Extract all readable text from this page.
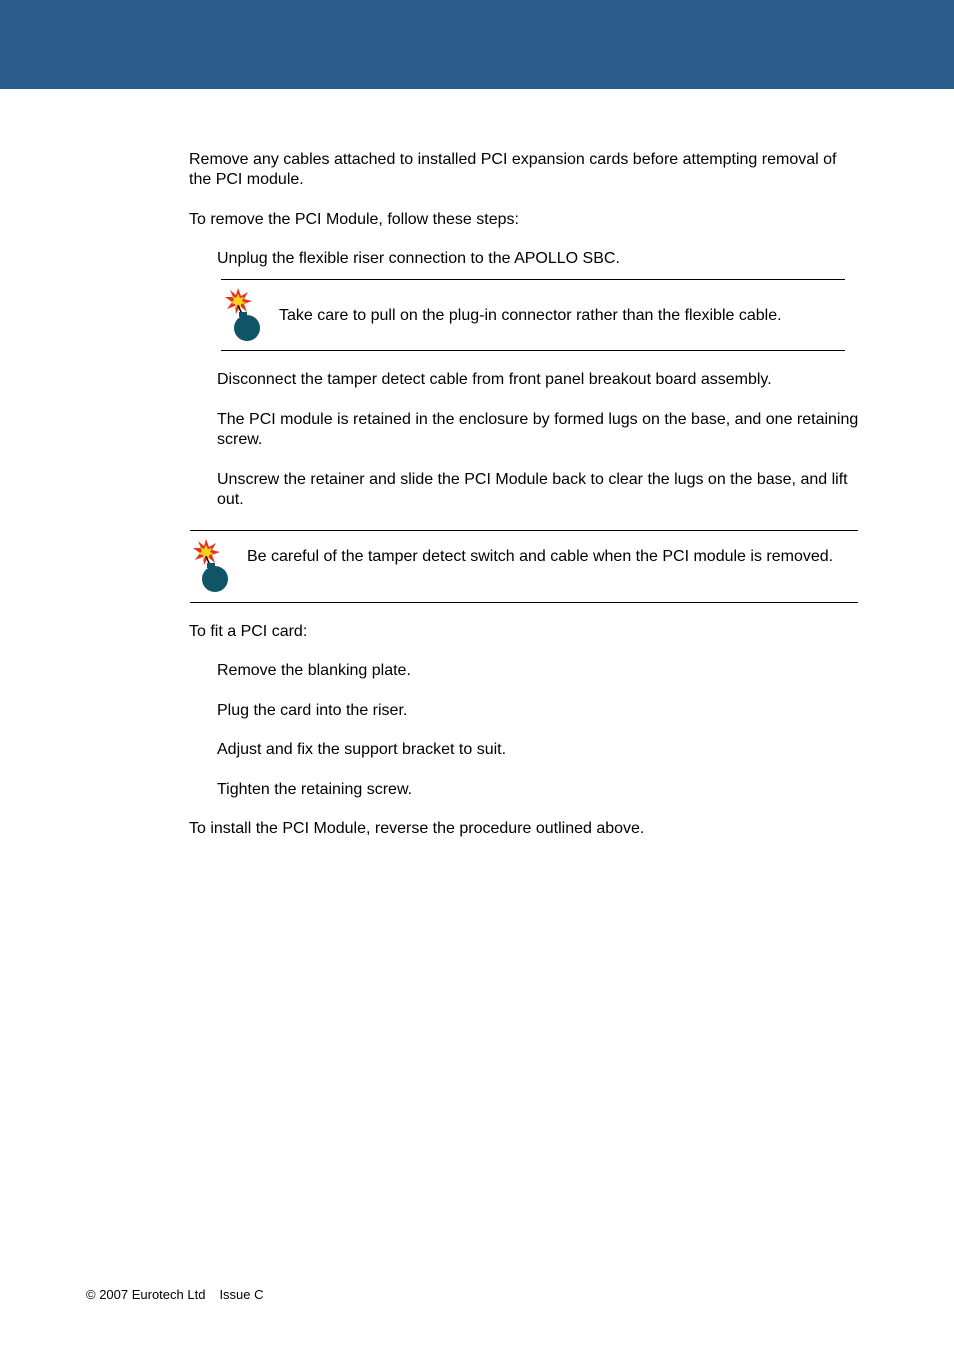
Remove any cables attached to installed PCI expansion cards before attempting removal of the PCI module.

To remove the PCI Module, follow these steps:

Unplug the flexible riser connection to the APOLLO SBC.

Take care to pull on the plug-in connector rather than the flexible cable.

Disconnect the tamper detect cable from front panel breakout board assembly.

The PCI module is retained in the enclosure by formed lugs on the base, and one retaining screw.

Unscrew the retainer and slide the PCI Module back to clear the lugs on the base, and lift out.

Be careful of the tamper detect switch and cable when the PCI module is removed.

To fit a PCI card:

Remove the blanking plate.

Plug the card into the riser.

Adjust and fix the support bracket to suit.

Tighten the retaining screw.

To install the PCI Module, reverse the procedure outlined above.

© 2007 Eurotech Ltd Issue C
